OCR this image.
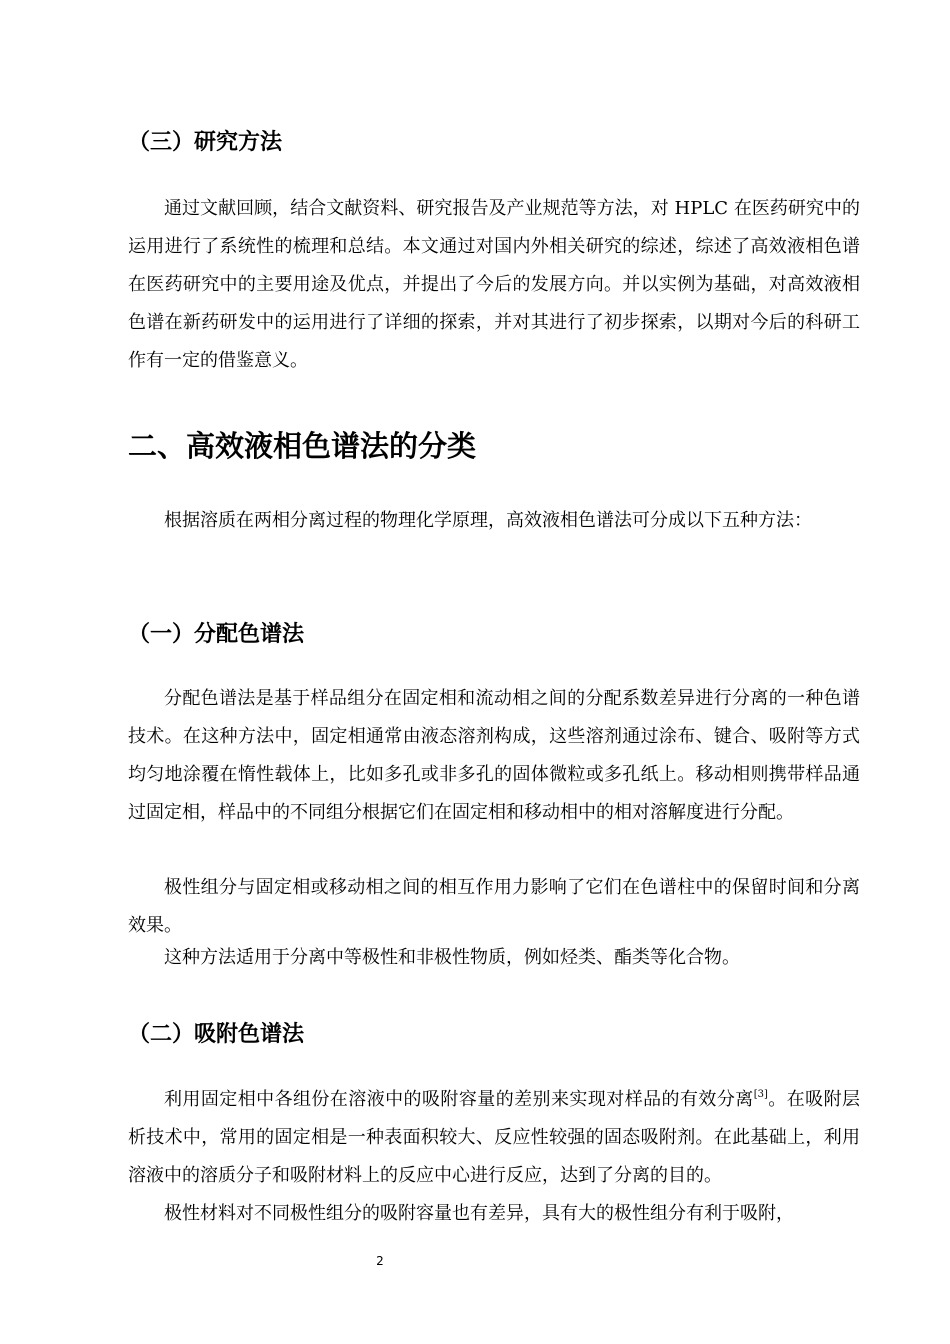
（三）研究方法

通过文献回顾，结合文献资料、研究报告及产业规范等方法，对 HPLC 在医药研究中的运用进行了系统性的梳理和总结。本文通过对国内外相关研究的综述，综述了高效液相色谱在医药研究中的主要用途及优点，并提出了今后的发展方向。并以实例为基础，对高效液相色谱在新药研发中的运用进行了详细的探索，并对其进行了初步探索，以期对今后的科研工作有一定的借鉴意义。

二、高效液相色谱法的分类

根据溶质在两相分离过程的物理化学原理，高效液相色谱法可分成以下五种方法：

（一）分配色谱法

分配色谱法是基于样品组分在固定相和流动相之间的分配系数差异进行分离的一种色谱技术。在这种方法中，固定相通常由液态溶剂构成，这些溶剂通过涂布、键合、吸附等方式均匀地涂覆在惰性载体上，比如多孔或非多孔的固体微粒或多孔纸上。移动相则携带样品通过固定相，样品中的不同组分根据它们在固定相和移动相中的相对溶解度进行分配。

极性组分与固定相或移动相之间的相互作用力影响了它们在色谱柱中的保留时间和分离效果。

这种方法适用于分离中等极性和非极性物质，例如烃类、酯类等化合物。

（二）吸附色谱法

利用固定相中各组份在溶液中的吸附容量的差别来实现对样品的有效分离[3]。在吸附层析技术中，常用的固定相是一种表面积较大、反应性较强的固态吸附剂。在此基础上，利用溶液中的溶质分子和吸附材料上的反应中心进行反应，达到了分离的目的。

极性材料对不同极性组分的吸附容量也有差异，具有大的极性组分有利于吸附，

2
